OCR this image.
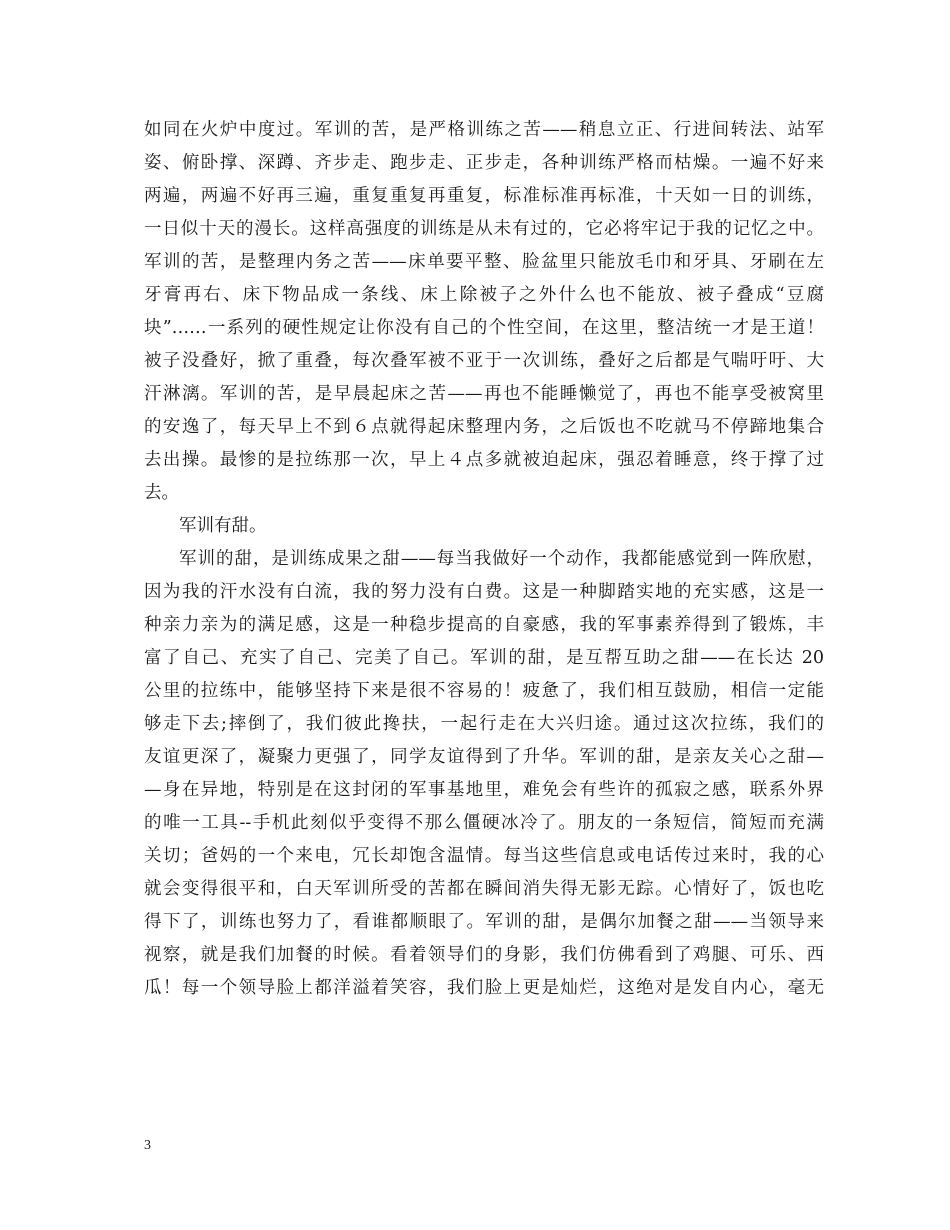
如同在火炉中度过。军训的苦，是严格训练之苦——稍息立正、行进间转法、站军
姿、俯卧撑、深蹲、齐步走、跑步走、正步走，各种训练严格而枯燥。一遍不好来
两遍，两遍不好再三遍，重复重复再重复，标准标准再标准，十天如一日的训练，
一日似十天的漫长。这样高强度的训练是从未有过的，它必将牢记于我的记忆之中。
军训的苦，是整理内务之苦——床单要平整、脸盆里只能放毛巾和牙具、牙刷在左
牙膏再右、床下物品成一条线、床上除被子之外什么也不能放、被子叠成“豆腐
块”……一系列的硬性规定让你没有自己的个性空间，在这里，整洁统一才是王道！
被子没叠好，掀了重叠，每次叠军被不亚于一次训练，叠好之后都是气喘吁吁、大
汗淋漓。军训的苦，是早晨起床之苦——再也不能睡懒觉了，再也不能享受被窝里
的安逸了，每天早上不到６点就得起床整理内务，之后饭也不吃就马不停蹄地集合
去出操。最惨的是拉练那一次，早上４点多就被迫起床，强忍着睡意，终于撑了过
去。
军训有甜。
军训的甜，是训练成果之甜——每当我做好一个动作，我都能感觉到一阵欣慰，
因为我的汗水没有白流，我的努力没有白费。这是一种脚踏实地的充实感，这是一
种亲力亲为的满足感，这是一种稳步提高的自豪感，我的军事素养得到了锻炼，丰
富了自己、充实了自己、完美了自己。军训的甜，是互帮互助之甜——在长达 20
公里的拉练中，能够坚持下来是很不容易的！疲惫了，我们相互鼓励，相信一定能
够走下去;摔倒了，我们彼此搀扶，一起行走在大兴归途。通过这次拉练，我们的
友谊更深了，凝聚力更强了，同学友谊得到了升华。军训的甜，是亲友关心之甜—
—身在异地，特别是在这封闭的军事基地里，难免会有些许的孤寂之感，联系外界
的唯一工具--手机此刻似乎变得不那么僵硬冰冷了。朋友的一条短信，简短而充满
关切；爸妈的一个来电，冗长却饱含温情。每当这些信息或电话传过来时，我的心
就会变得很平和，白天军训所受的苦都在瞬间消失得无影无踪。心情好了，饭也吃
得下了，训练也努力了，看谁都顺眼了。军训的甜，是偶尔加餐之甜——当领导来
视察，就是我们加餐的时候。看着领导们的身影，我们仿佛看到了鸡腿、可乐、西
瓜！每一个领导脸上都洋溢着笑容，我们脸上更是灿烂，这绝对是发自内心，毫无
3
